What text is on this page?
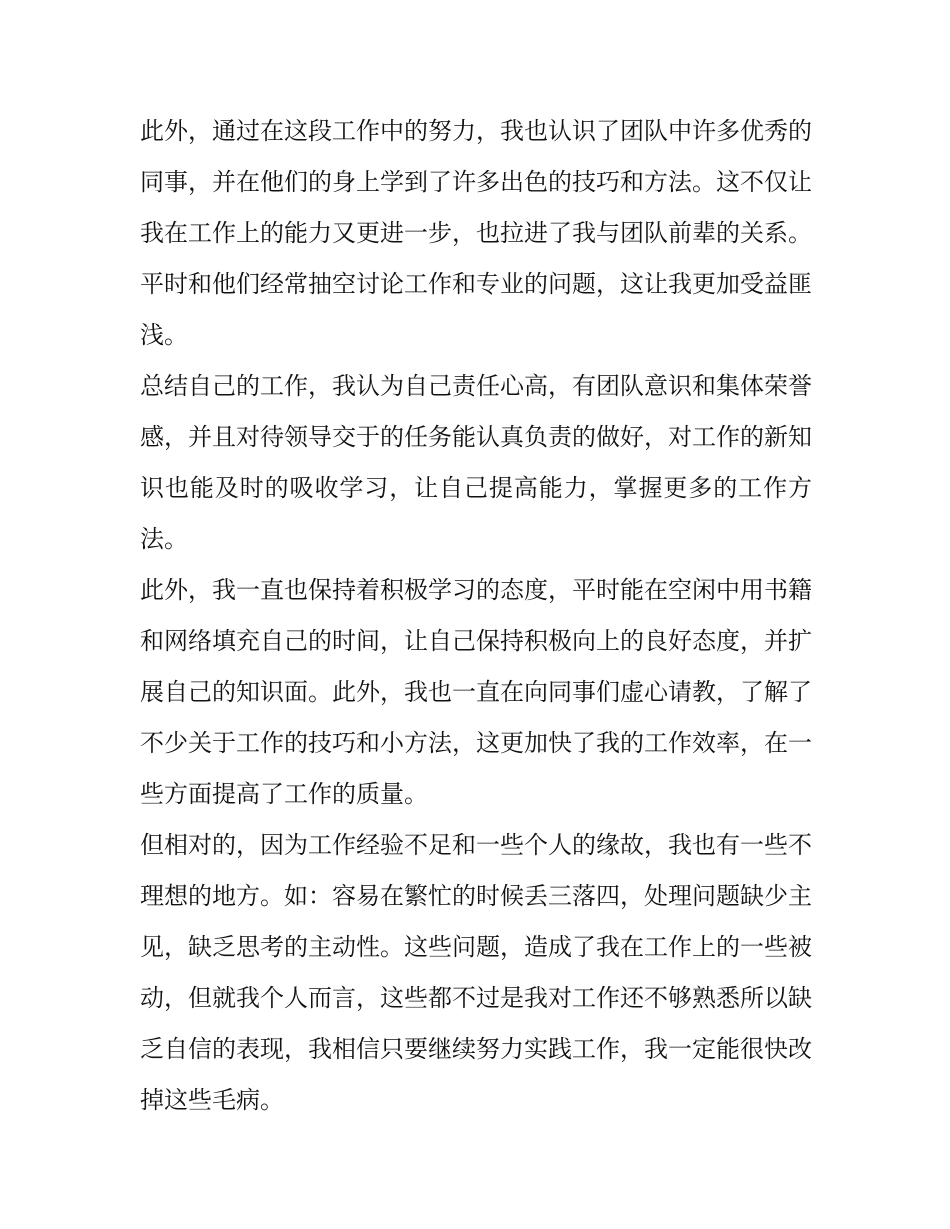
此外，通过在这段工作中的努力，我也认识了团队中许多优秀的同事，并在他们的身上学到了许多出色的技巧和方法。这不仅让我在工作上的能力又更进一步，也拉进了我与团队前辈的关系。平时和他们经常抽空讨论工作和专业的问题，这让我更加受益匪浅。

总结自己的工作，我认为自己责任心高，有团队意识和集体荣誉感，并且对待领导交于的任务能认真负责的做好，对工作的新知识也能及时的吸收学习，让自己提高能力，掌握更多的工作方法。

此外，我一直也保持着积极学习的态度，平时能在空闲中用书籍和网络填充自己的时间，让自己保持积极向上的良好态度，并扩展自己的知识面。此外，我也一直在向同事们虚心请教，了解了不少关于工作的技巧和小方法，这更加快了我的工作效率，在一些方面提高了工作的质量。

但相对的，因为工作经验不足和一些个人的缘故，我也有一些不理想的地方。如：容易在繁忙的时候丢三落四，处理问题缺少主见，缺乏思考的主动性。这些问题，造成了我在工作上的一些被动，但就我个人而言，这些都不过是我对工作还不够熟悉所以缺乏自信的表现，我相信只要继续努力实践工作，我一定能很快改掉这些毛病。
